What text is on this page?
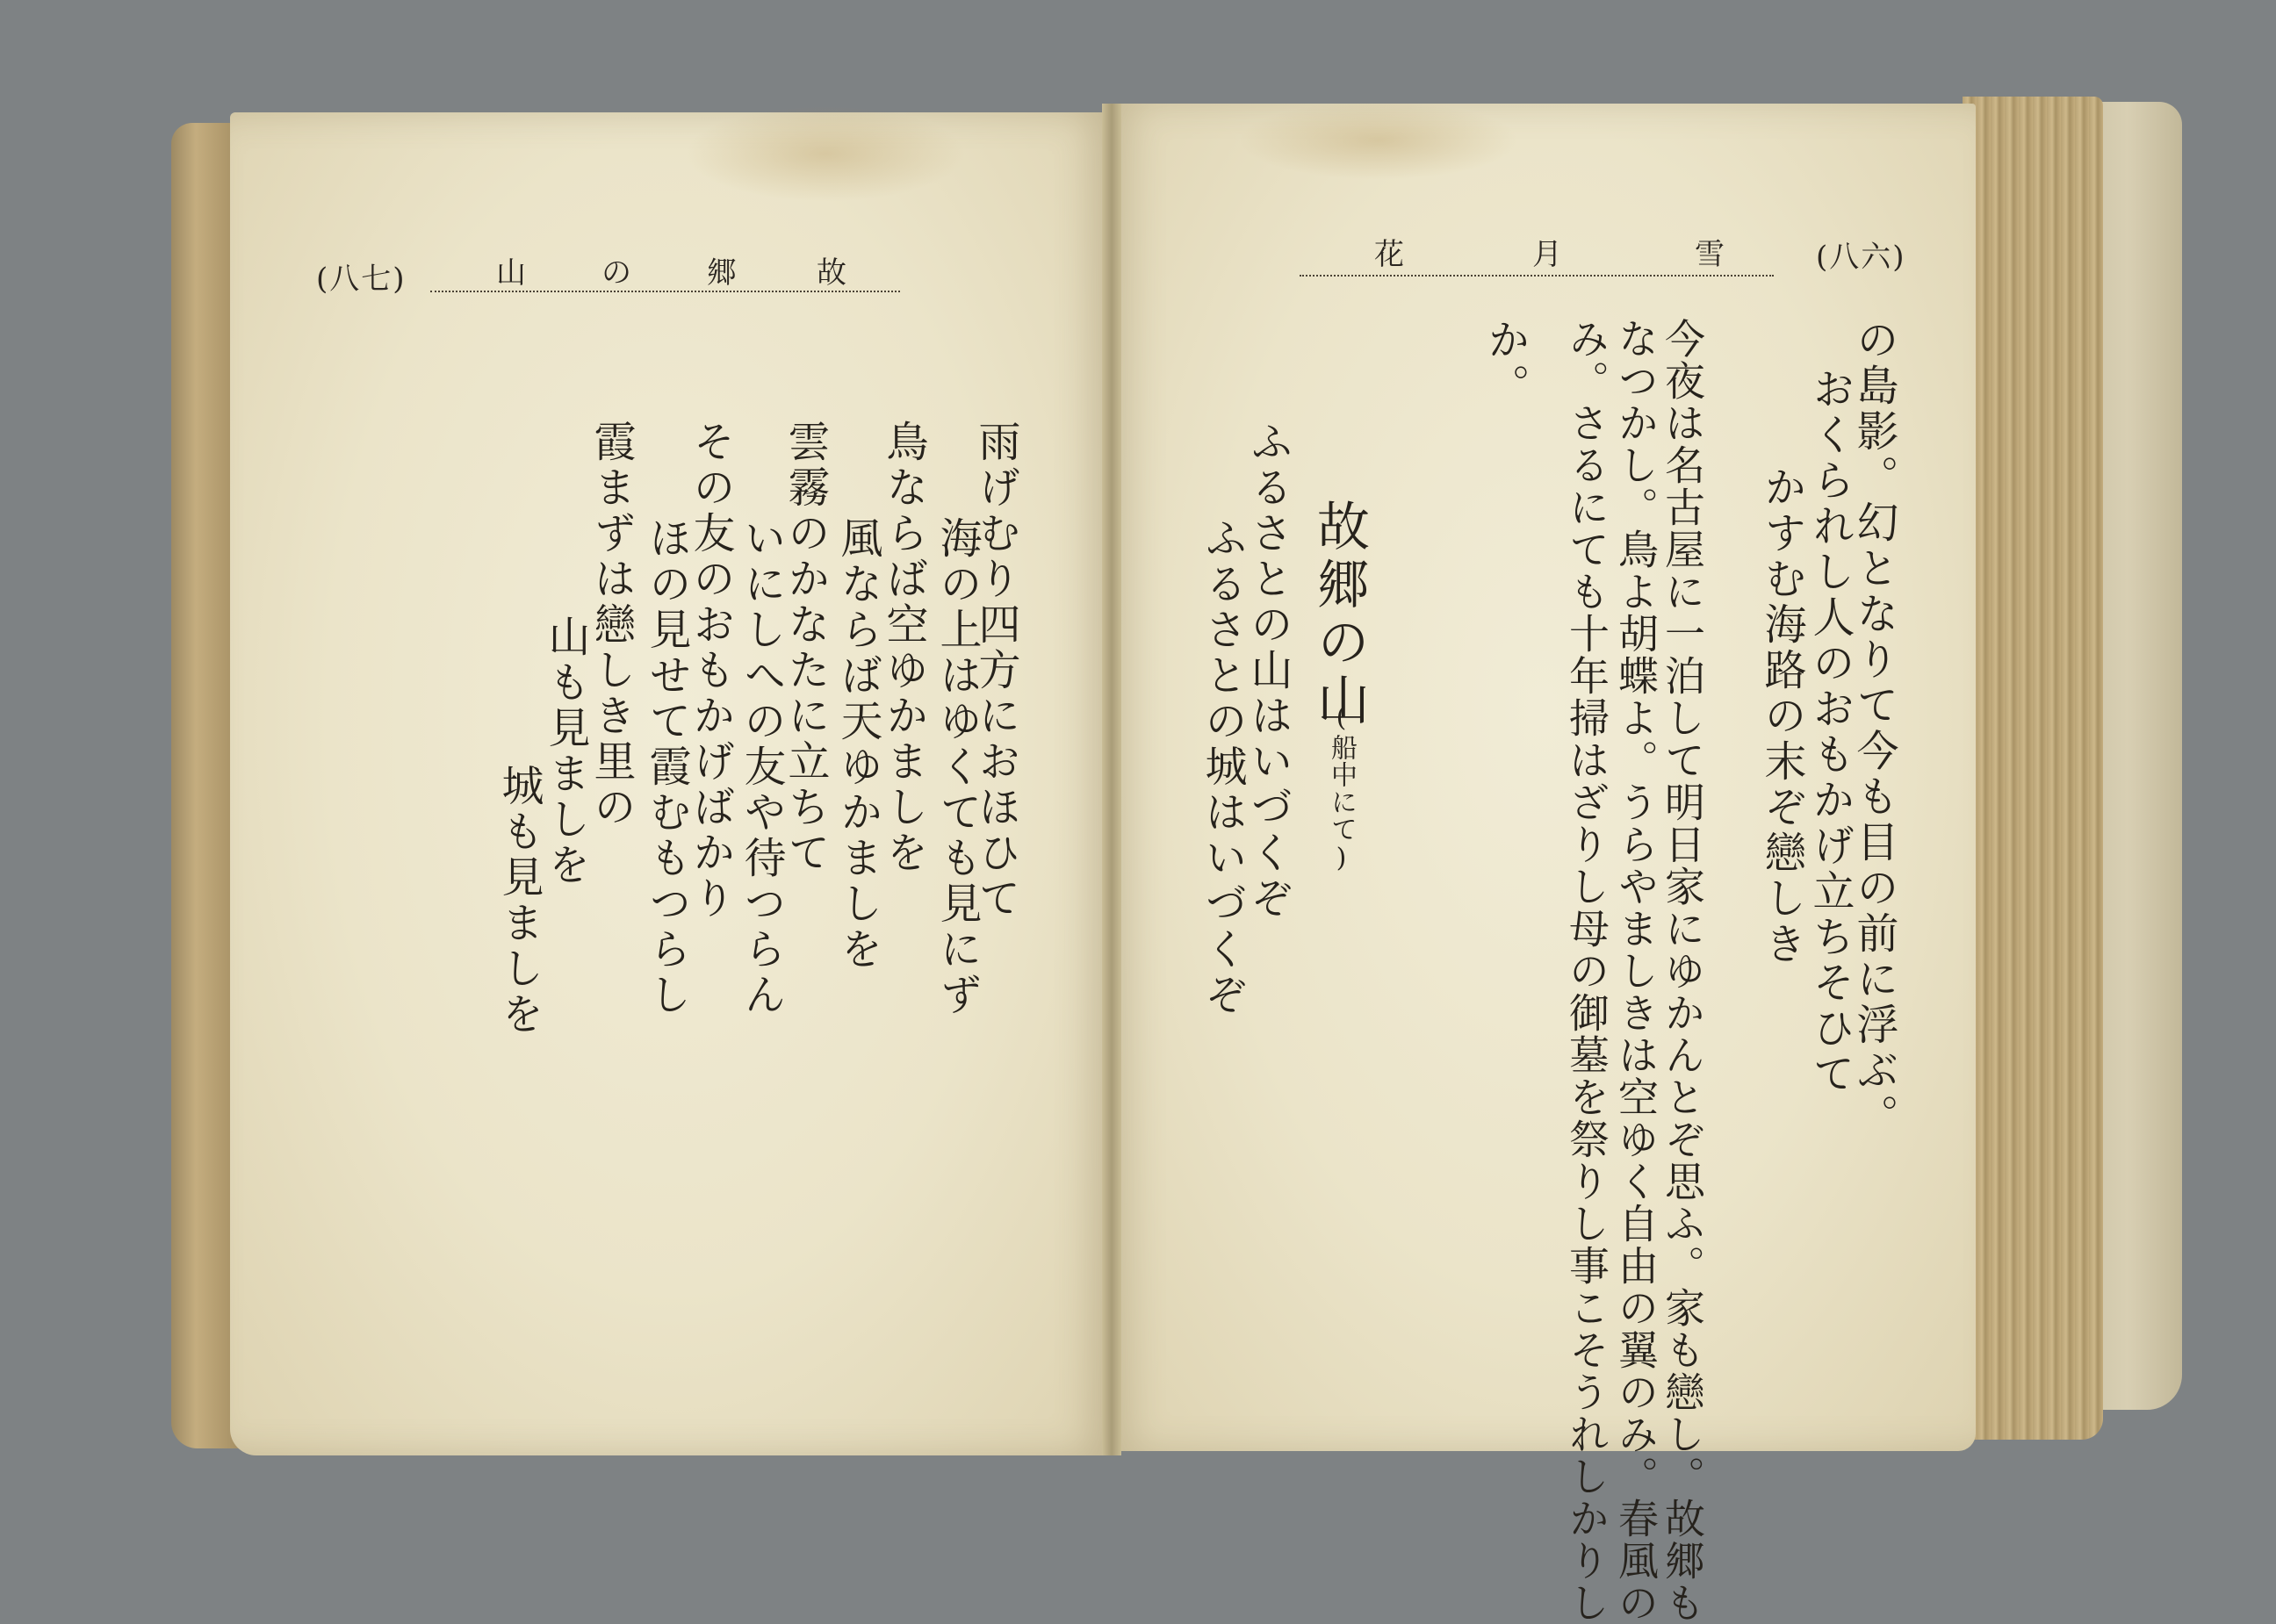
(八七)	山 の 郷	故
雨げむり四方におほひて
海の上はゆくても見にず
鳥ならば空ゆかましを
風ならば天ゆかましを
雲霧のかなたに立ちて
いにしへの友や待つらん
その友のおもかげばかり
ほの見せて霞むもつらし
霞まずは戀しき里の
山も見ましを
城も見ましを
(八六)
花	月	雪
の島影。幻となりて今も目の前に浮ぶ。
おくられし人のおもかげ立ちそひて
かすむ海路の末ぞ戀しき
今夜は名古屋に一泊して明日家にゆかんとぞ思ふ。家も戀し。故郷も
なつかし。鳥よ胡蝶よ。うらやましきは空ゆく自由の翼のみ。春風の
み。さるにても十年掃はざりし母の御墓を祭りし事こそうれしかりし
か。
故郷の山
(船中にて)
ふるさとの山はいづくぞ
ふるさとの城はいづくぞ
